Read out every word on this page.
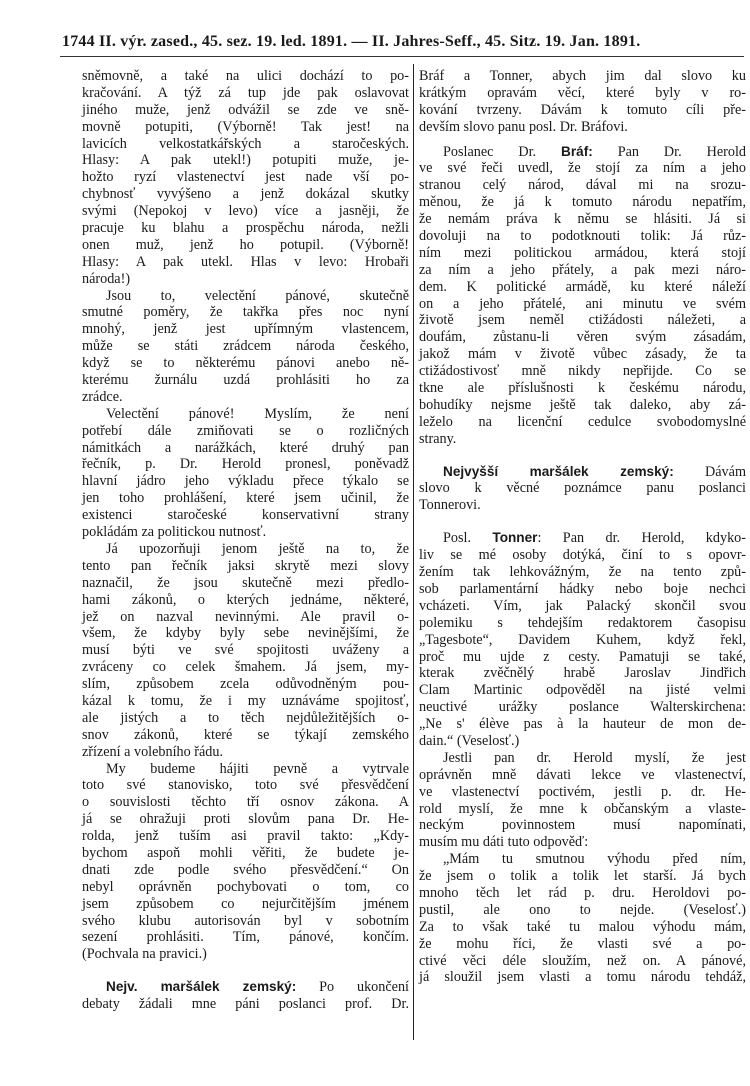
1744 II. výr. zased., 45. sez. 19. led. 1891. — II. Jahres-Seff., 45. Sitz. 19. Jan. 1891.
sněmovně, a také na ulici dochází to po-
kračování. A týž zá tup jde pak oslavovat
jiného muže, jenž odvážil se zde ve sně-
movně potupiti, (Výborně! Tak jest! na
lavicích velkostatkářských a staročeských.
Hlasy: A pak utekl!) potupiti muže, je-
hožto ryzí vlastenectví jest nade vší po-
chybnosť vyvýšeno a jenž dokázal skutky
svými (Nepokoj v levo) více a jasněji, že
pracuje ku blahu a prospěchu národa, nežli
onen muž, jenž ho potupil. (Výborně!
Hlasy: A pak utekl. Hlas v levo: Hrobaři
národa!)
Jsou to, velectění pánové, skutečně
smutné poměry, že takřka přes noc nyní
mnohý, jenž jest upřímným vlastencem,
může se státi zrádcem národa českého,
když se to některému pánovi anebo ně-
kterému žurnálu uzdá prohlásiti ho za
zrádce.
Velectění pánové! Myslím, že není
potřebí dále zmiňovati se o rozličných
námitkách a narážkách, které druhý pan
řečník, p. Dr. Herold pronesl, poněvadž
hlavní jádro jeho výkladu přece týkalo se
jen toho prohlášení, které jsem učinil, že
existenci staročeské konservativní strany
pokládám za politickou nutnosť.
Já upozorňuji jenom ještě na to, že
tento pan řečník jaksi skrytě mezi slovy
naznačil, že jsou skutečně mezi předlo-
hami zákonů, o kterých jednáme, některé,
jež on nazval nevinnými. Ale pravil o-
všem, že kdyby byly sebe nevinějšími, že
musí býti ve své spojitosti uváženy a
zvráceny co celek šmahem. Já jsem, my-
slím, způsobem zcela odůvodněným pou-
kázal k tomu, že i my uznáváme spojitosť,
ale jistých a to těch nejdůležitějších o-
snov zákonů, které se týkají zemského
zřízení a volebního řádu.
My budeme hájiti pevně a vytrvale
toto své stanovisko, toto své přesvědčení
o souvislosti těchto tří osnov zákona. A
já se ohražuji proti slovům pana Dr. He-
rolda, jenž tuším asi pravil takto: „Kdy-
bychom aspoň mohli věřiti, že budete je-
dnati zde podle svého přesvědčení.“ On
nebyl oprávněn pochybovati o tom, co
jsem způsobem co nejurčitějším jménem
svého klubu autorisován byl v sobotním
sezení prohlásiti. Tím, pánové, končím.
(Pochvala na pravici.)
Nejv. maršálek zemský: Po ukončení
debaty žádali mne páni poslanci prof. Dr.
Bráf a Tonner, abych jim dal slovo ku
krátkým opravám věcí, které byly v ro-
kování tvrzeny. Dávám k tomuto cíli pře-
devším slovo panu posl. Dr. Bráfovi.
Poslanec Dr. Bráf: Pan Dr. Herold
ve své řeči uvedl, že stojí za ním a jeho
stranou celý národ, dával mi na srozu-
měnou, že já k tomuto národu nepatřím,
že nemám práva k němu se hlásiti. Já si
dovoluji na to podotknouti tolik: Já růz-
ním mezi politickou armádou, která stojí
za ním a jeho přátely, a pak mezi náro-
dem. K politické armádě, ku které náleží
on a jeho přátelé, ani minutu ve svém
životě jsem neměl ctižádosti náležeti, a
doufám, zůstanu-li věren svým zásadám,
jakož mám v životě vůbec zásady, že ta
ctižádostivosť mně nikdy nepřijde. Co se
tkne ale příslušnosti k českému národu,
bohudíky nejsme ještě tak daleko, aby zá-
leželo na licenční cedulce svobodomyslné
strany.
Nejvyšší maršálek zemský: Dávám
slovo k věcné poznámce panu poslanci
Tonnerovi.
Posl. Tonner: Pan dr. Herold, kdyko-
liv se mé osoby dotýká, činí to s opovr-
žením tak lehkovážným, že na tento způ-
sob parlamentární hádky nebo boje nechci
vcházeti. Vím, jak Palacký skončil svou
polemiku s tehdejším redaktorem časopisu
„Tagesbote“, Davidem Kuhem, když řekl,
proč mu ujde z cesty. Pamatuji se také,
kterak zvěčnělý hrabě Jaroslav Jindřich
Clam Martinic odpověděl na jisté velmi
neuctivé urážky poslance Walterskirchena:
„Ne s' élève pas à la hauteur de mon de-
dain.“ (Veselosť.)
Jestli pan dr. Herold myslí, že jest
oprávněn mně dávati lekce ve vlastenectví,
ve vlastenectví poctivém, jestli p. dr. He-
rold myslí, že mne k občanským a vlaste-
neckým povinnostem musí napomínati,
musím mu dáti tuto odpověď:
„Mám tu smutnou výhodu před ním,
že jsem o tolik a tolik let starší. Já bych
mnoho těch let rád p. dru. Heroldovi po-
pustil, ale ono to nejde. (Veselosť.)
Za to však také tu malou výhodu mám,
že mohu říci, že vlasti své a po-
ctivé věci déle sloužím, než on. A pánové,
já sloužil jsem vlasti a tomu národu tehdáž,
